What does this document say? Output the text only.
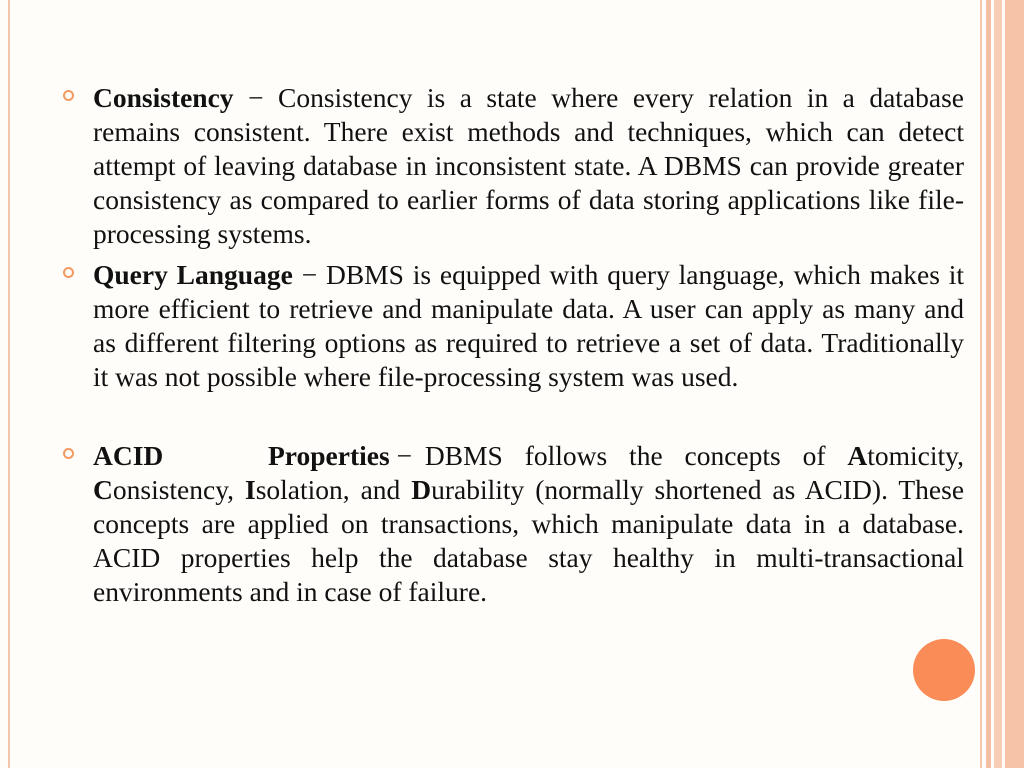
Consistency − Consistency is a state where every relation in a database remains consistent. There exist methods and techniques, which can detect attempt of leaving database in inconsistent state. A DBMS can provide greater consistency as compared to earlier forms of data storing applications like file-processing systems.

Query Language − DBMS is equipped with query language, which makes it more efficient to retrieve and manipulate data. A user can apply as many and as different filtering options as required to retrieve a set of data. Traditionally it was not possible where file-processing system was used.

ACID	Properties − DBMS follows the concepts of Atomicity, Consistency, Isolation, and Durability (normally shortened as ACID). These concepts are applied on transactions, which manipulate data in a database. ACID properties help the database stay healthy in multi-transactional environments and in case of failure.
